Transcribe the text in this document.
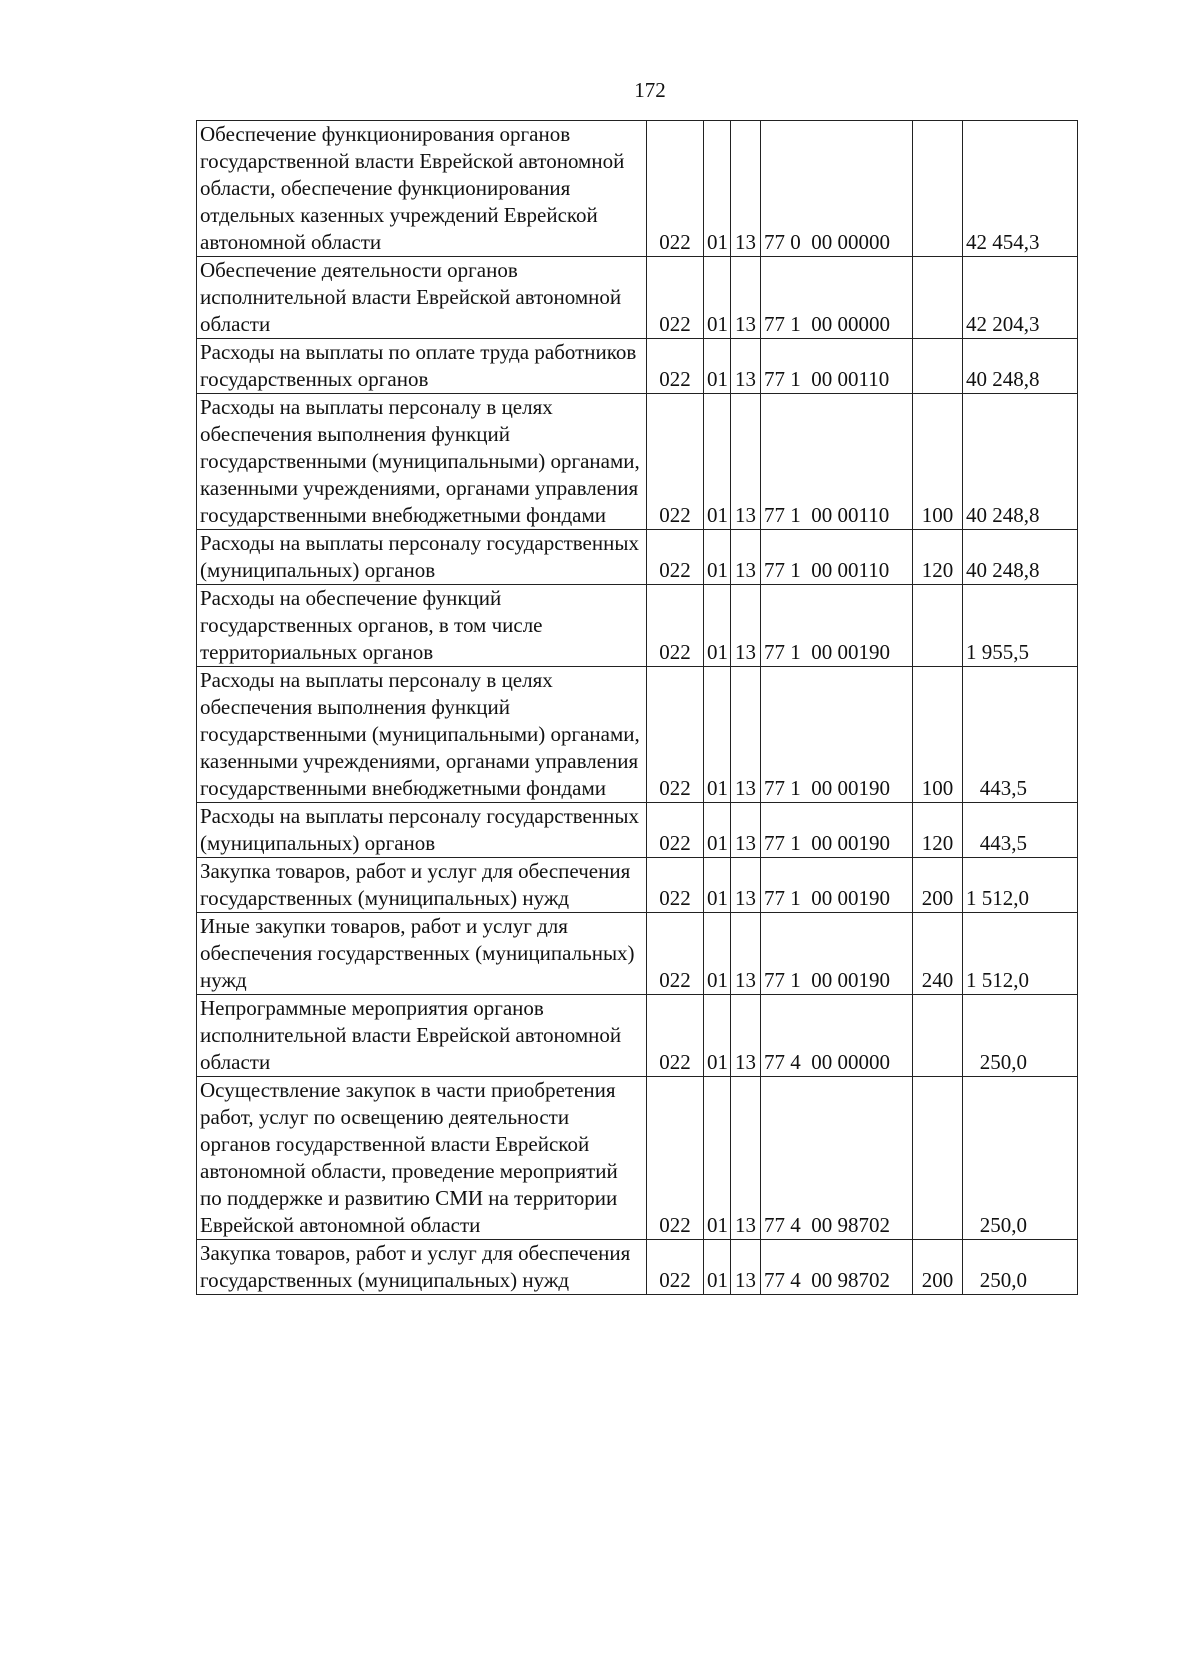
172
Обеспечение функционирования органов государственной власти Еврейской автономной области, обеспечение функционирования отдельных казенных учреждений Еврейской автономной области	022	01	13	77 0  00 00000		42 454,3
Обеспечение деятельности органов исполнительной власти Еврейской автономной области	022	01	13	77 1  00 00000		42 204,3
Расходы на выплаты по оплате труда работников государственных органов	022	01	13	77 1  00 00110		40 248,8
Расходы на выплаты персоналу в целях обеспечения выполнения функций государственными (муниципальными) органами, казенными учреждениями, органами управления государственными внебюджетными фондами	022	01	13	77 1  00 00110	100	40 248,8
Расходы на выплаты персоналу государственных (муниципальных) органов	022	01	13	77 1  00 00110	120	40 248,8
Расходы на обеспечение функций государственных органов, в том числе территориальных органов	022	01	13	77 1  00 00190		1 955,5
Расходы на выплаты персоналу в целях обеспечения выполнения функций государственными (муниципальными) органами, казенными учреждениями, органами управления государственными внебюджетными фондами	022	01	13	77 1  00 00190	100	443,5
Расходы на выплаты персоналу государственных (муниципальных) органов	022	01	13	77 1  00 00190	120	443,5
Закупка товаров, работ и услуг для обеспечения государственных (муниципальных) нужд	022	01	13	77 1  00 00190	200	1 512,0
Иные закупки товаров, работ и услуг для обеспечения государственных (муниципальных) нужд	022	01	13	77 1  00 00190	240	1 512,0
Непрограммные мероприятия органов исполнительной власти Еврейской автономной области	022	01	13	77 4  00 00000		250,0
Осуществление закупок в части приобретения работ, услуг по освещению деятельности органов государственной власти Еврейской автономной области, проведение мероприятий по поддержке и развитию СМИ на территории Еврейской автономной области	022	01	13	77 4  00 98702		250,0
Закупка товаров, работ и услуг для обеспечения государственных (муниципальных) нужд	022	01	13	77 4  00 98702	200	250,0
